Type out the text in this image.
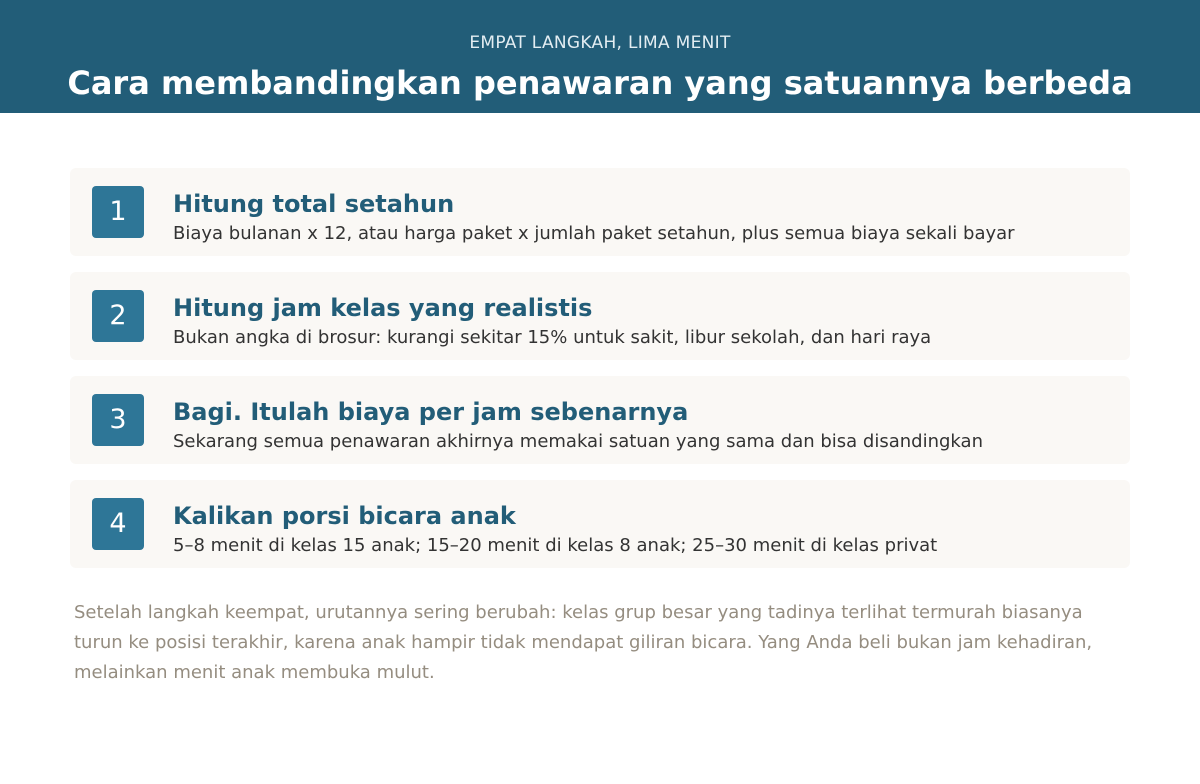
EMPAT LANGKAH, LIMA MENIT
Cara membandingkan penawaran yang satuannya berbeda
1	Hitung total setahun
Biaya bulanan x 12, atau harga paket x jumlah paket setahun, plus semua biaya sekali bayar
2	Hitung jam kelas yang realistis
Bukan angka di brosur: kurangi sekitar 15% untuk sakit, libur sekolah, dan hari raya
3	Bagi. Itulah biaya per jam sebenarnya
Sekarang semua penawaran akhirnya memakai satuan yang sama dan bisa disandingkan
4	Kalikan porsi bicara anak
5–8 menit di kelas 15 anak; 15–20 menit di kelas 8 anak; 25–30 menit di kelas privat
Setelah langkah keempat, urutannya sering berubah: kelas grup besar yang tadinya terlihat termurah biasanya turun ke posisi terakhir, karena anak hampir tidak mendapat giliran bicara. Yang Anda beli bukan jam kehadiran, melainkan menit anak membuka mulut.
